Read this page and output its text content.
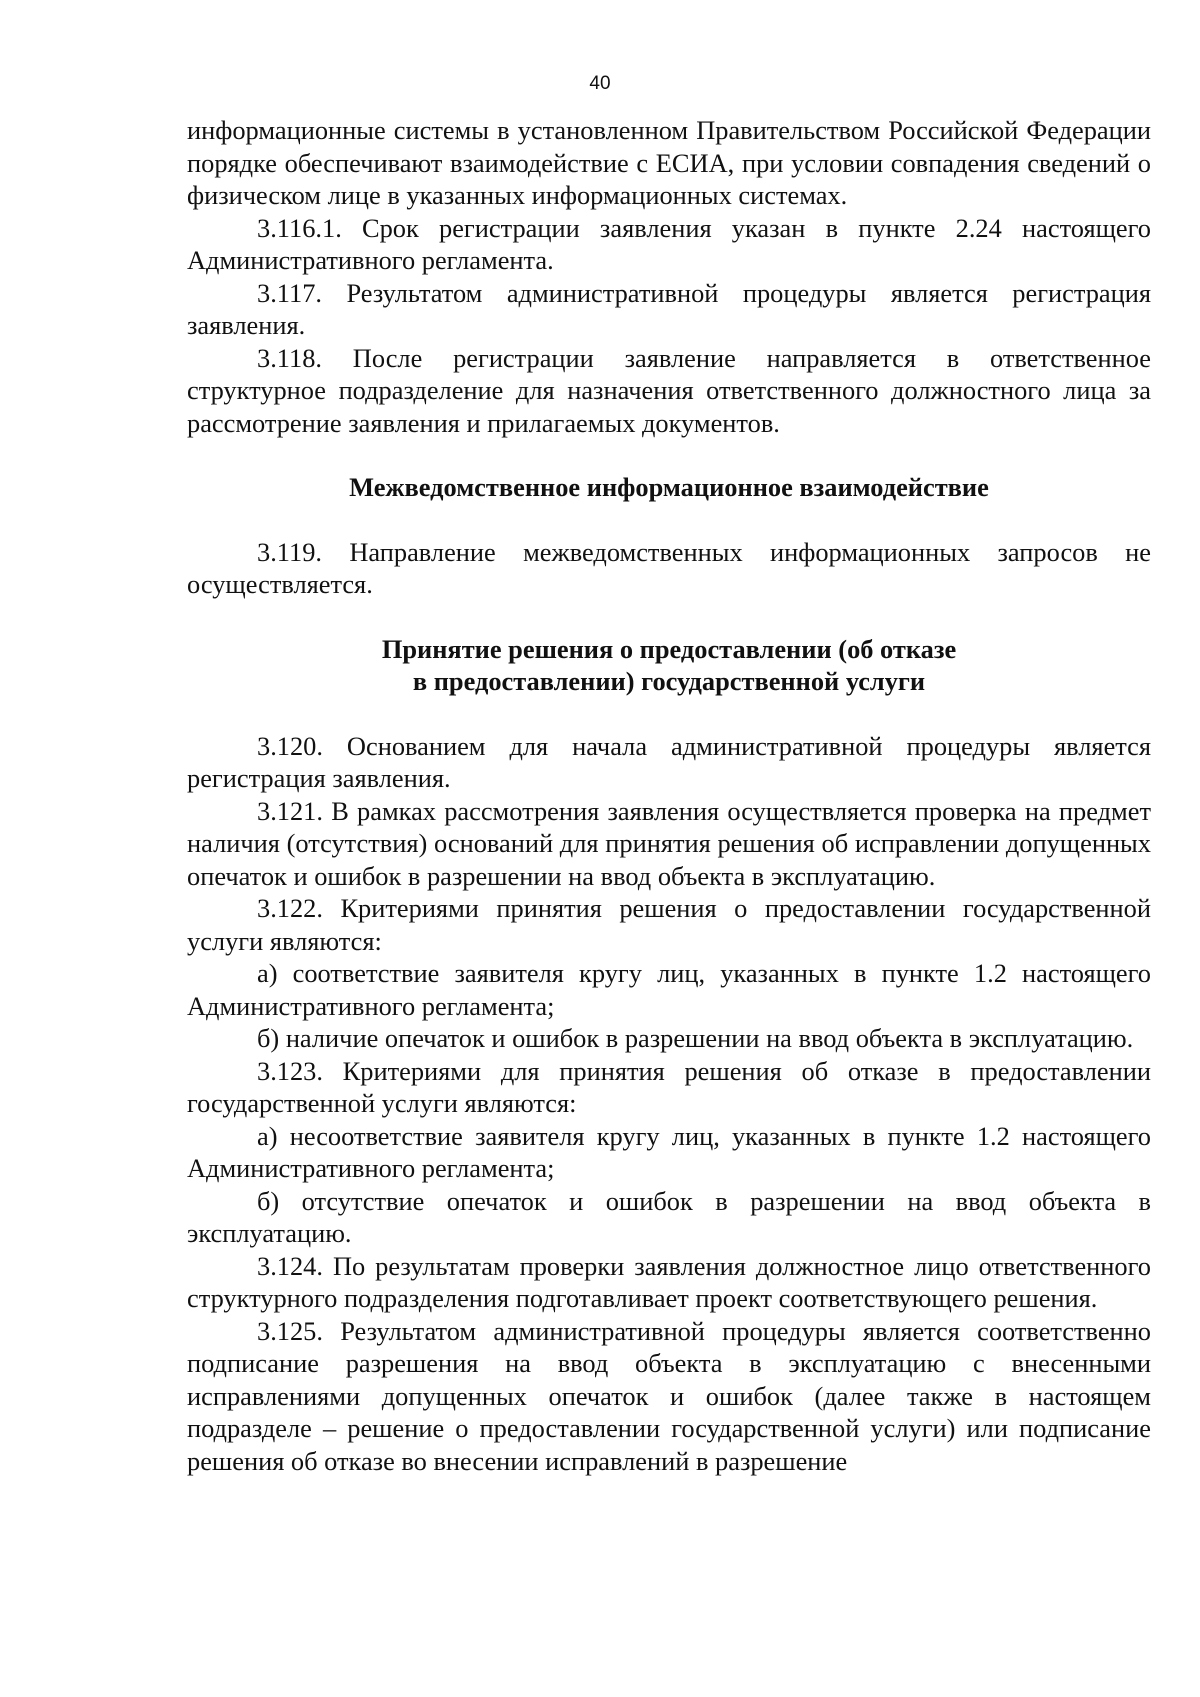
40

информационные системы в установленном Правительством Российской Федерации порядке обеспечивают взаимодействие с ЕСИА, при условии совпадения сведений о физическом лице в указанных информационных системах.

3.116.1. Срок регистрации заявления указан в пункте 2.24 настоящего Административного регламента.

3.117. Результатом административной процедуры является регистрация заявления.

3.118. После регистрации заявление направляется в ответственное структурное подразделение для назначения ответственного должностного лица за рассмотрение заявления и прилагаемых документов.

Межведомственное информационное взаимодействие

3.119. Направление межведомственных информационных запросов не осуществляется.

Принятие решения о предоставлении (об отказе

в предоставлении) государственной услуги

3.120. Основанием для начала административной процедуры является регистрация заявления.

3.121. В рамках рассмотрения заявления осуществляется проверка на предмет наличия (отсутствия) оснований для принятия решения об исправлении допущенных опечаток и ошибок в разрешении на ввод объекта в эксплуатацию.

3.122. Критериями принятия решения о предоставлении государственной услуги являются:

а) соответствие заявителя кругу лиц, указанных в пункте 1.2 настоящего Административного регламента;

б) наличие опечаток и ошибок в разрешении на ввод объекта в эксплуатацию.

3.123. Критериями для принятия решения об отказе в предоставлении государственной услуги являются:

а) несоответствие заявителя кругу лиц, указанных в пункте 1.2 настоящего Административного регламента;

б) отсутствие опечаток и ошибок в разрешении на ввод объекта в эксплуатацию.

3.124. По результатам проверки заявления должностное лицо ответственного структурного подразделения подготавливает проект соответствующего решения.

3.125. Результатом административной процедуры является соответственно подписание разрешения на ввод объекта в эксплуатацию с внесенными исправлениями допущенных опечаток и ошибок (далее также в настоящем подразделе – решение о предоставлении государственной услуги) или подписание решения об отказе во внесении исправлений в разрешение
